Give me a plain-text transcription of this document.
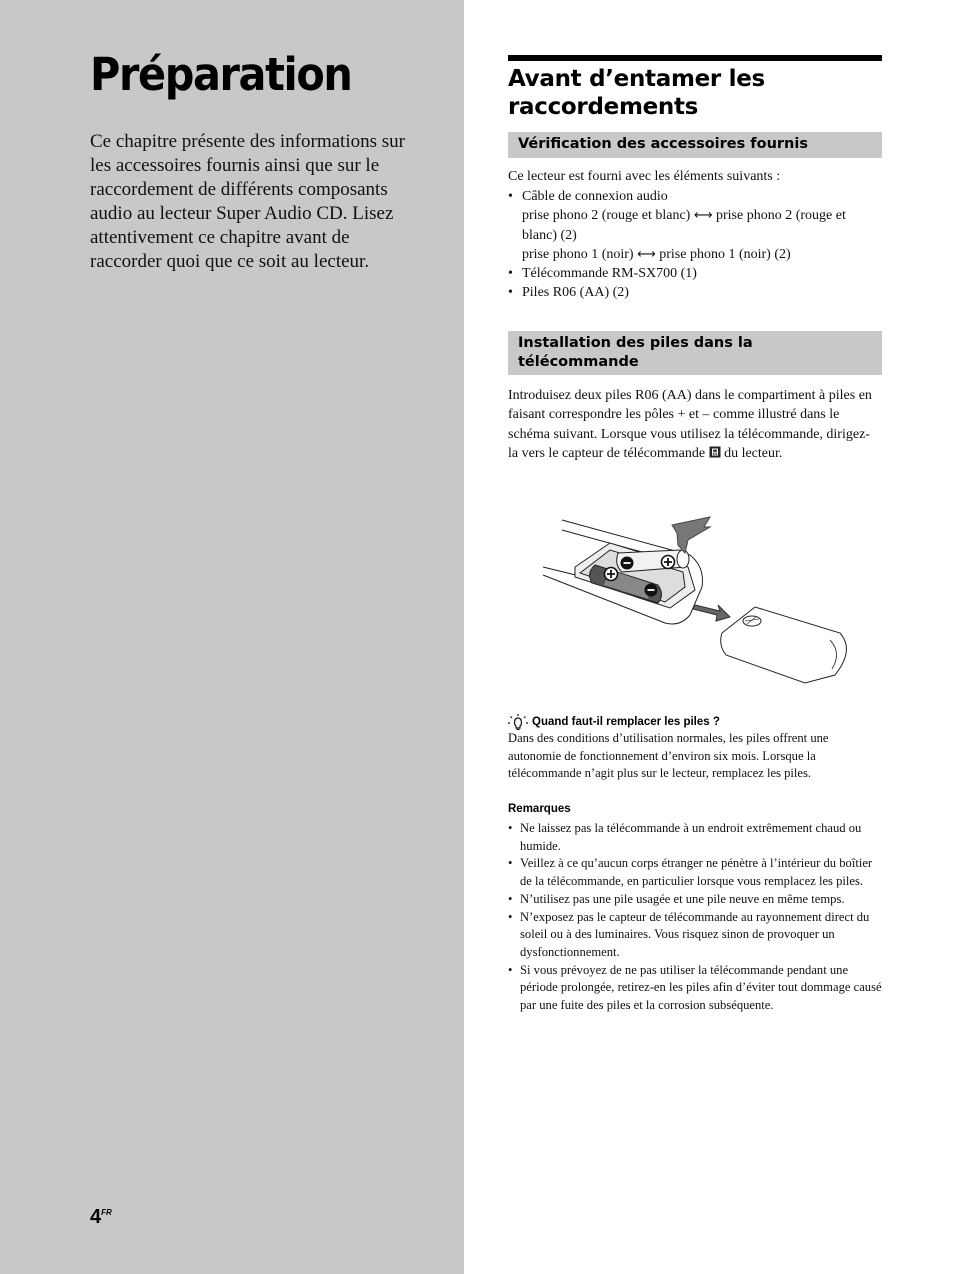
Préparation

Ce chapitre présente des informations sur les accessoires fournis ainsi que sur le raccordement de différents composants audio au lecteur Super Audio CD. Lisez attentivement ce chapitre avant de raccorder quoi que ce soit au lecteur.

$4^{FR}$
Avant d’entamer les raccordements
Vérification des accessoires fournis

Ce lecteur est fourni avec les éléments suivants :

• Câble de connexion audio
prise phono 2 (rouge et blanc) ⟷ prise phono 2 (rouge et blanc) (2)
prise phono 1 (noir) ⟷ prise phono 1 (noir) (2)
• Télécommande RM-SX700 (1)
• Piles R06 (AA) (2)
Installation des piles dans la télécommande

Introduisez deux piles R06 (AA) dans le compartiment à piles en faisant correspondre les pôles + et – comme illustré dans le schéma suivant. Lorsque vous utilisez la télécommande, dirigez-la vers le capteur de télécommande  du lecteur.

Quand faut-il remplacer les piles ?

Dans des conditions d’utilisation normales, les piles offrent une autonomie de fonctionnement d’environ six mois. Lorsque la télécommande n’agit plus sur le lecteur, remplacez les piles.

Remarques
• Ne laissez pas la télécommande à un endroit extrêmement chaud ou humide.
• Veillez à ce qu’aucun corps étranger ne pénètre à l’intérieur du boîtier de la télécommande, en particulier lorsque vous remplacez les piles.
• N’utilisez pas une pile usagée et une pile neuve en même temps.
• N’exposez pas le capteur de télécommande au rayonnement direct du soleil ou à des luminaires. Vous risquez sinon de provoquer un dysfonctionnement.
• Si vous prévoyez de ne pas utiliser la télécommande pendant une période prolongée, retirez-en les piles afin d’éviter tout dommage causé par une fuite des piles et la corrosion subséquente.
